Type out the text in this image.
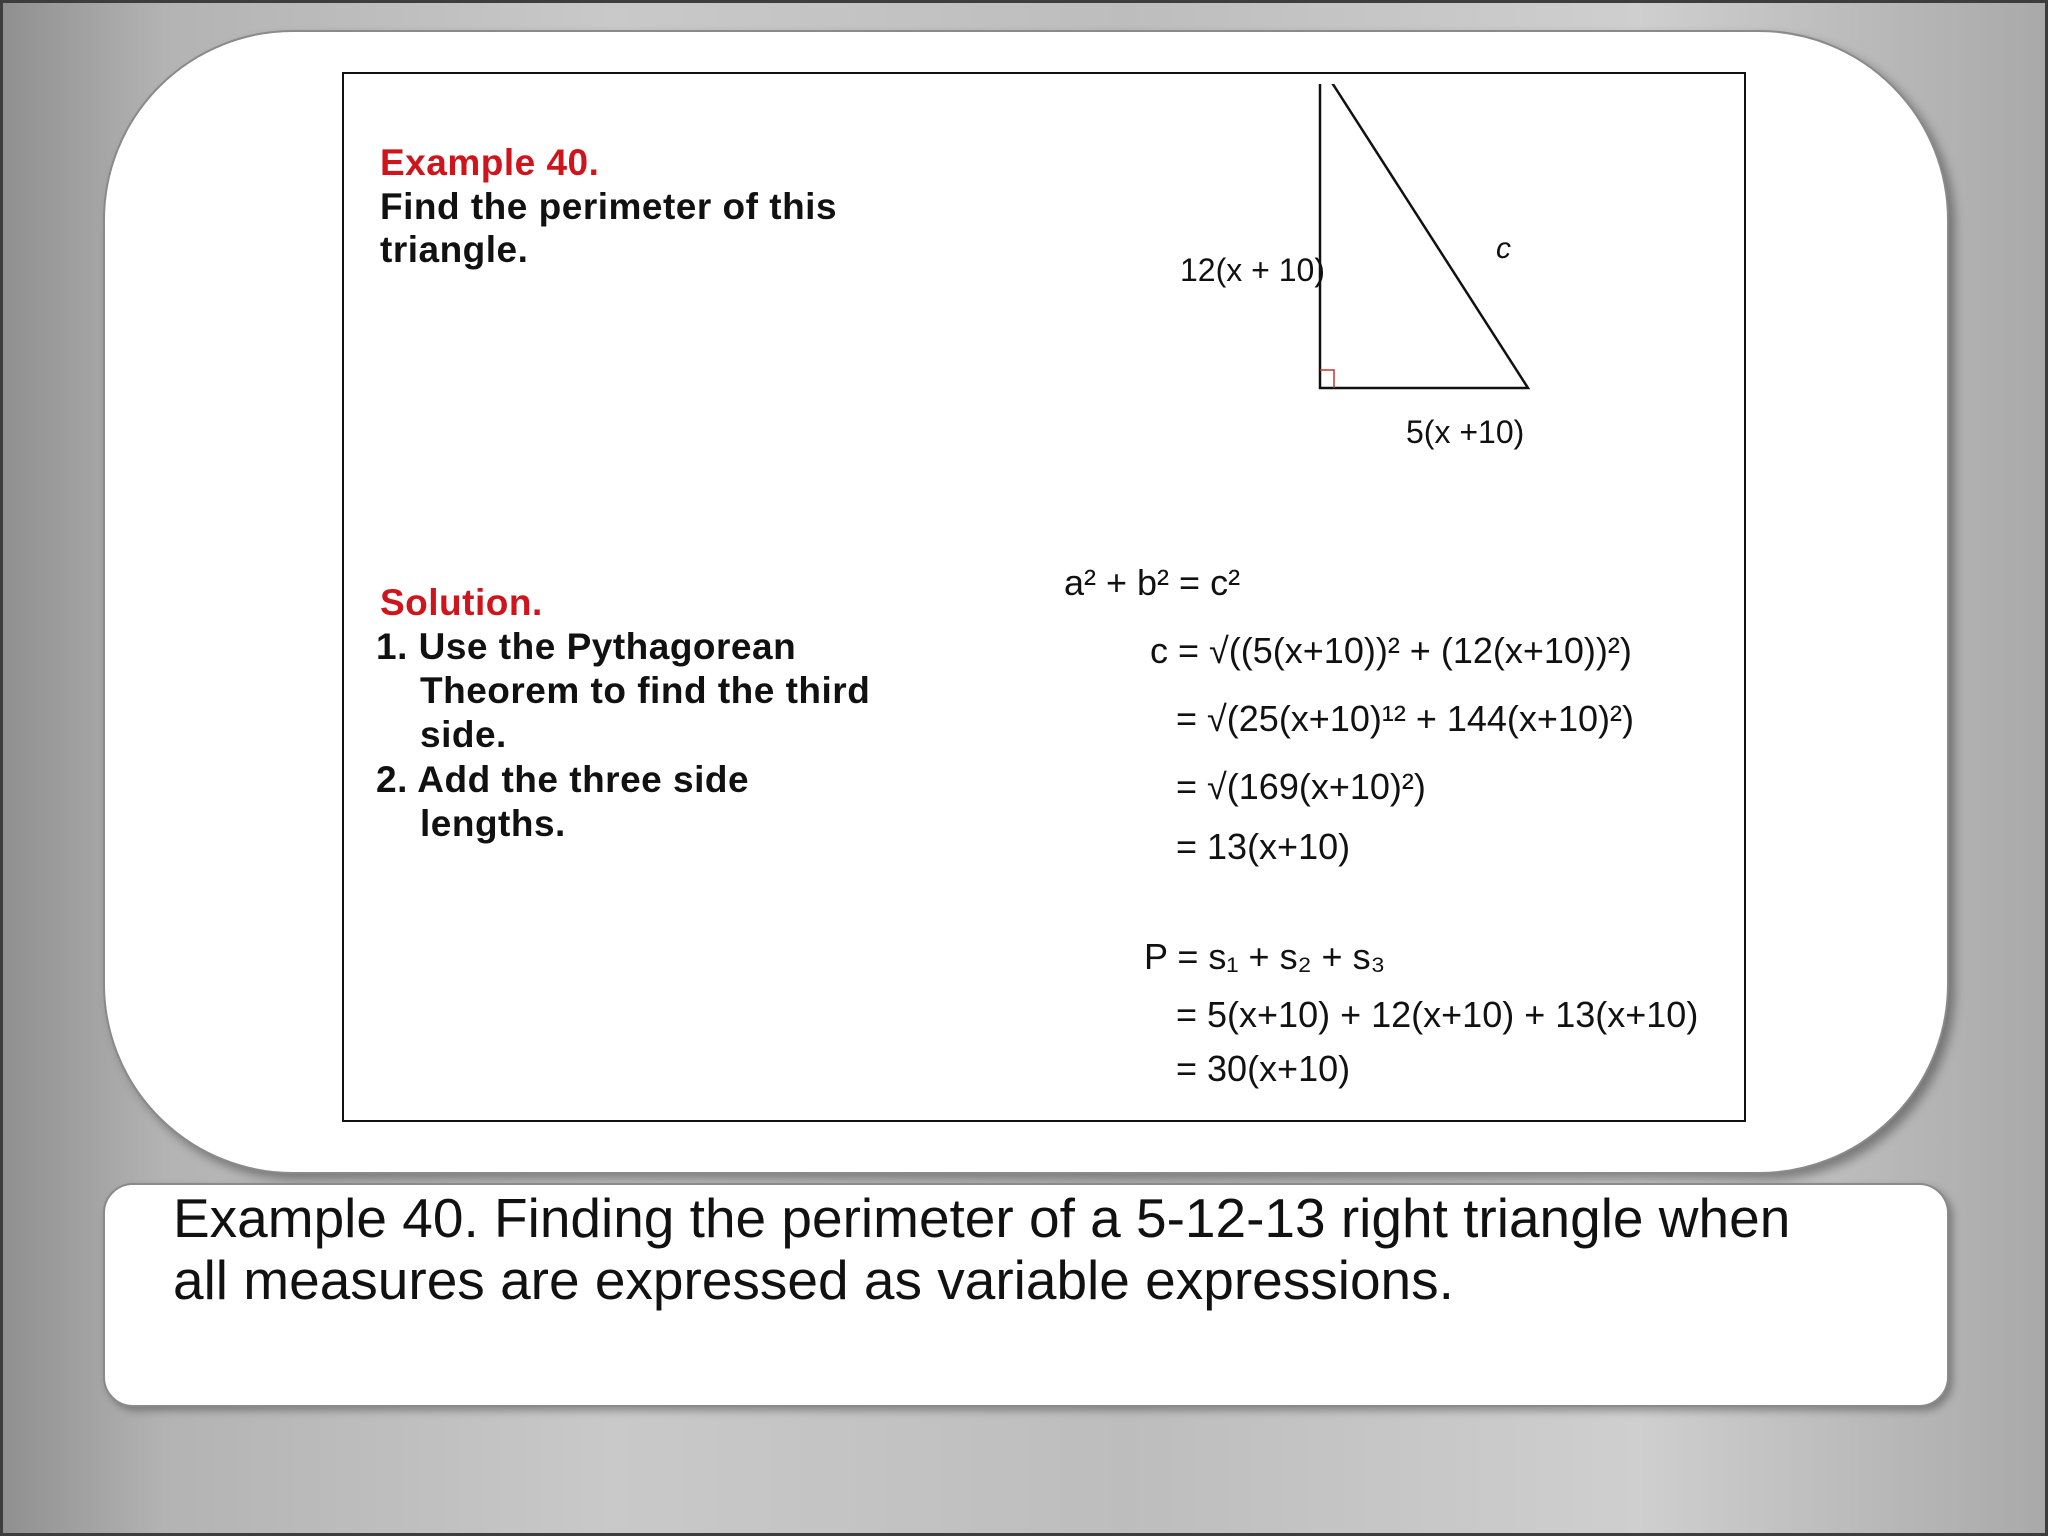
Example 40.
Find the perimeter of this
triangle.	12(x + 10)
c
5(x +10)
Solution.
1. Use the Pythagorean
Theorem to find the third
side.
2. Add the three side
lengths.
a² + b² = c²
c = √((5(x+10))² + (12(x+10))²)
= √(25(x+10)¹² + 144(x+10)²)
= √(169(x+10)²)
= 13(x+10)
P = s₁ + s₂ + s₃
= 5(x+10) + 12(x+10) + 13(x+10)
= 30(x+10)
Example 40. Finding the perimeter of a 5-12-13 right triangle when
all measures are expressed as variable expressions.
